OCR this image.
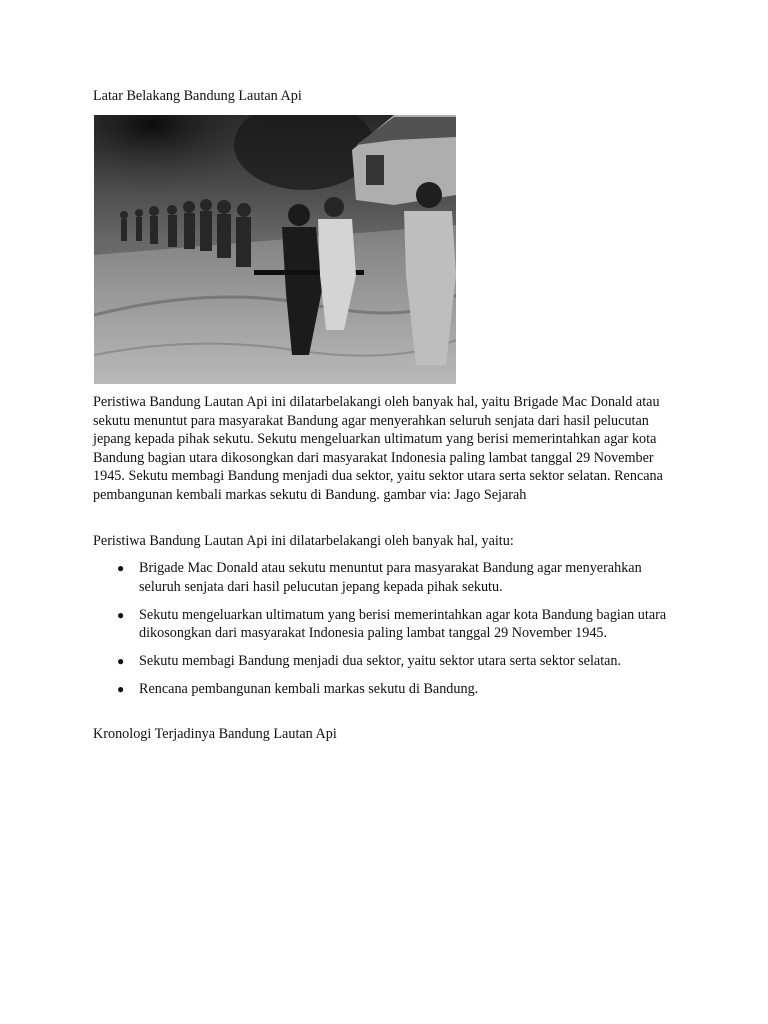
Latar Belakang Bandung Lautan Api

Peristiwa Bandung Lautan Api ini dilatarbelakangi oleh banyak hal, yaitu Brigade Mac Donald atau sekutu menuntut para masyarakat Bandung agar menyerahkan seluruh senjata dari hasil pelucutan jepang kepada pihak sekutu. Sekutu mengeluarkan ultimatum yang berisi memerintahkan agar kota Bandung bagian utara dikosongkan dari masyarakat Indonesia paling lambat tanggal 29 November 1945. Sekutu membagi Bandung menjadi dua sektor, yaitu sektor utara serta sektor selatan. Rencana pembangunan kembali markas sekutu di Bandung. gambar via: Jago Sejarah

Peristiwa Bandung Lautan Api ini dilatarbelakangi oleh banyak hal, yaitu:

● Brigade Mac Donald atau sekutu menuntut para masyarakat Bandung agar menyerahkan seluruh senjata dari hasil pelucutan jepang kepada pihak sekutu.
● Sekutu mengeluarkan ultimatum yang berisi memerintahkan agar kota Bandung bagian utara dikosongkan dari masyarakat Indonesia paling lambat tanggal 29 November 1945.
● Sekutu membagi Bandung menjadi dua sektor, yaitu sektor utara serta sektor selatan.
● Rencana pembangunan kembali markas sekutu di Bandung.
Kronologi Terjadinya Bandung Lautan Api
